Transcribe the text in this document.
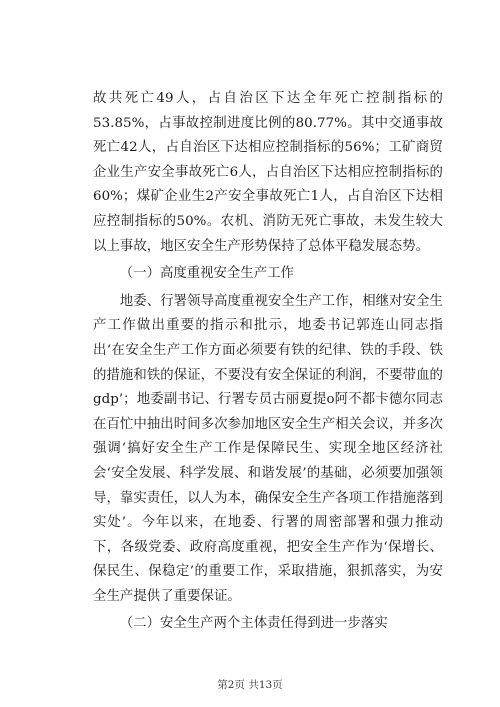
故共死亡49人，占自治区下达全年死亡控制指标的53.85%，占事故控制进度比例的80.77%。其中交通事故死亡42人，占自治区下达相应控制指标的56%；工矿商贸企业生产安全事故死亡6人，占自治区下达相应控制指标的60%；煤矿企业生2产安全事故死亡1人，占自治区下达相应控制指标的50%。农机、消防无死亡事故，未发生较大以上事故，地区安全生产形势保持了总体平稳发展态势。

（一）高度重视安全生产工作

地委、行署领导高度重视安全生产工作，相继对安全生产工作做出重要的指示和批示，地委书记郭连山同志指出‘在安全生产工作方面必须要有铁的纪律、铁的手段、铁的措施和铁的保证，不要没有安全保证的利润，不要带血的gdp’；地委副书记、行署专员古丽夏提o阿不都卡德尔同志在百忙中抽出时间多次参加地区安全生产相关会议，并多次强调‘搞好安全生产工作是保障民生、实现全地区经济社会‘安全发展、科学发展、和谐发展’的基础，必须要加强领导，靠实责任，以人为本，确保安全生产各项工作措施落到实处’。今年以来，在地委、行署的周密部署和强力推动下，各级党委、政府高度重视，把安全生产作为‘保增长、保民生、保稳定’的重要工作，采取措施，狠抓落实，为安全生产提供了重要保证。

（二）安全生产两个主体责任得到进一步落实

第2页 共13页
